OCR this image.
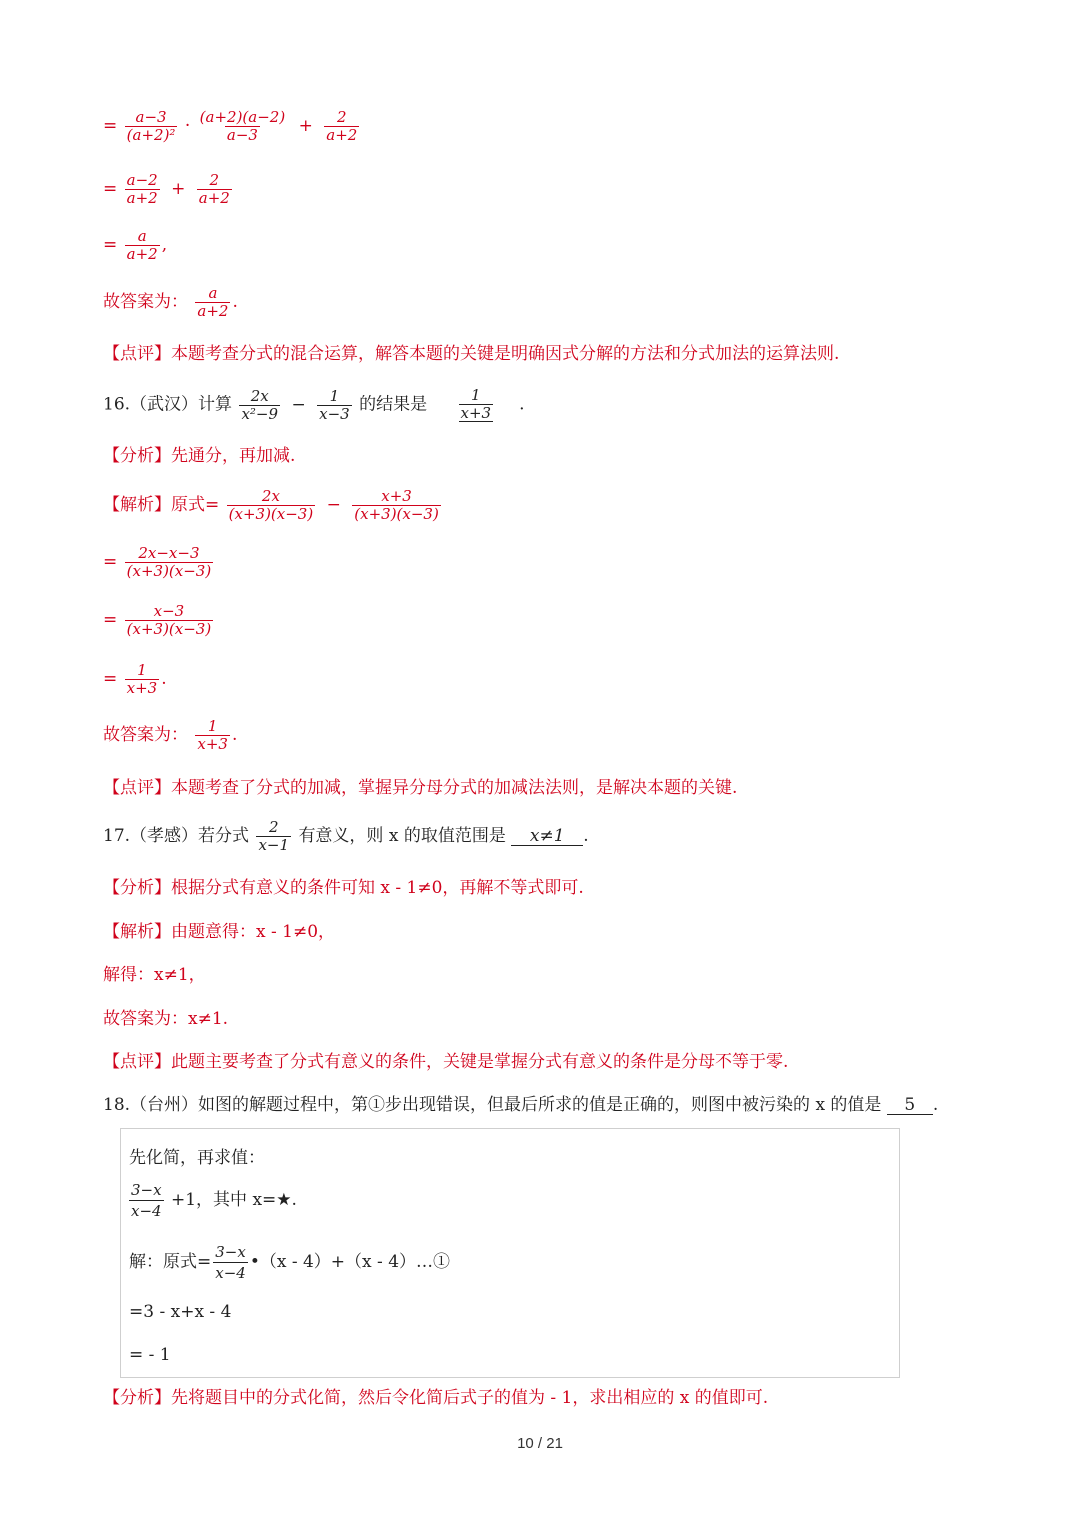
= $\frac{a-3}{\text{(a+2)²}} \cdot \frac{(a+2)(a-2)}{a-3} + \frac{2}{a+2}$
= $\frac{a-2}{a+2} + \frac{2}{a+2}$
= $\frac{a}{a+2}$ ,
故答案为： $\frac{a}{a+2}$ .
【点评】本题考查分式的混合运算，解答本题的关键是明确因式分解的方法和分式加法的运算法则.
16.（武汉）计算 $\frac{2x}{\text{x²−9}} - \frac{1}{x-3}$ 的结果是 $\frac{1}{x+3}$ .
【分析】先通分，再加减.
【解析】原式= $\frac{2x}{(x+3)(x-3)} - \frac{x+3}{(x+3)(x-3)}$
= $\frac{2x-x-3}{(x+3)(x-3)}$
= $\frac{x-3}{(x+3)(x-3)}$
= $\frac{1}{x+3}$ .
故答案为： $\frac{1}{x+3}$ .
【点评】本题考查了分式的加减，掌握异分母分式的加减法法则，是解决本题的关键.
17.（孝感）若分式 $\frac{2}{x-1}$ 有意义，则 x 的取值范围是 x≠1 .
【分析】根据分式有意义的条件可知 x - 1≠0，再解不等式即可.
【解析】由题意得：x - 1≠0，
解得：x≠1，
故答案为：x≠1.
【点评】此题主要考查了分式有意义的条件，关键是掌握分式有意义的条件是分母不等于零.
18.（台州）如图的解题过程中，第①步出现错误，但最后所求的值是正确的，则图中被污染的 x 的值是 5 .
先化简，再求值：
$\frac{3-x}{x-4} +1$，其中 x=★.
解：原式= $\frac{3-x}{x-4}$ •（x - 4）+（x - 4）…①
=3 - x+x - 4
= - 1
【分析】先将题目中的分式化简，然后令化简后式子的值为 - 1，求出相应的 x 的值即可.
10 / 21
